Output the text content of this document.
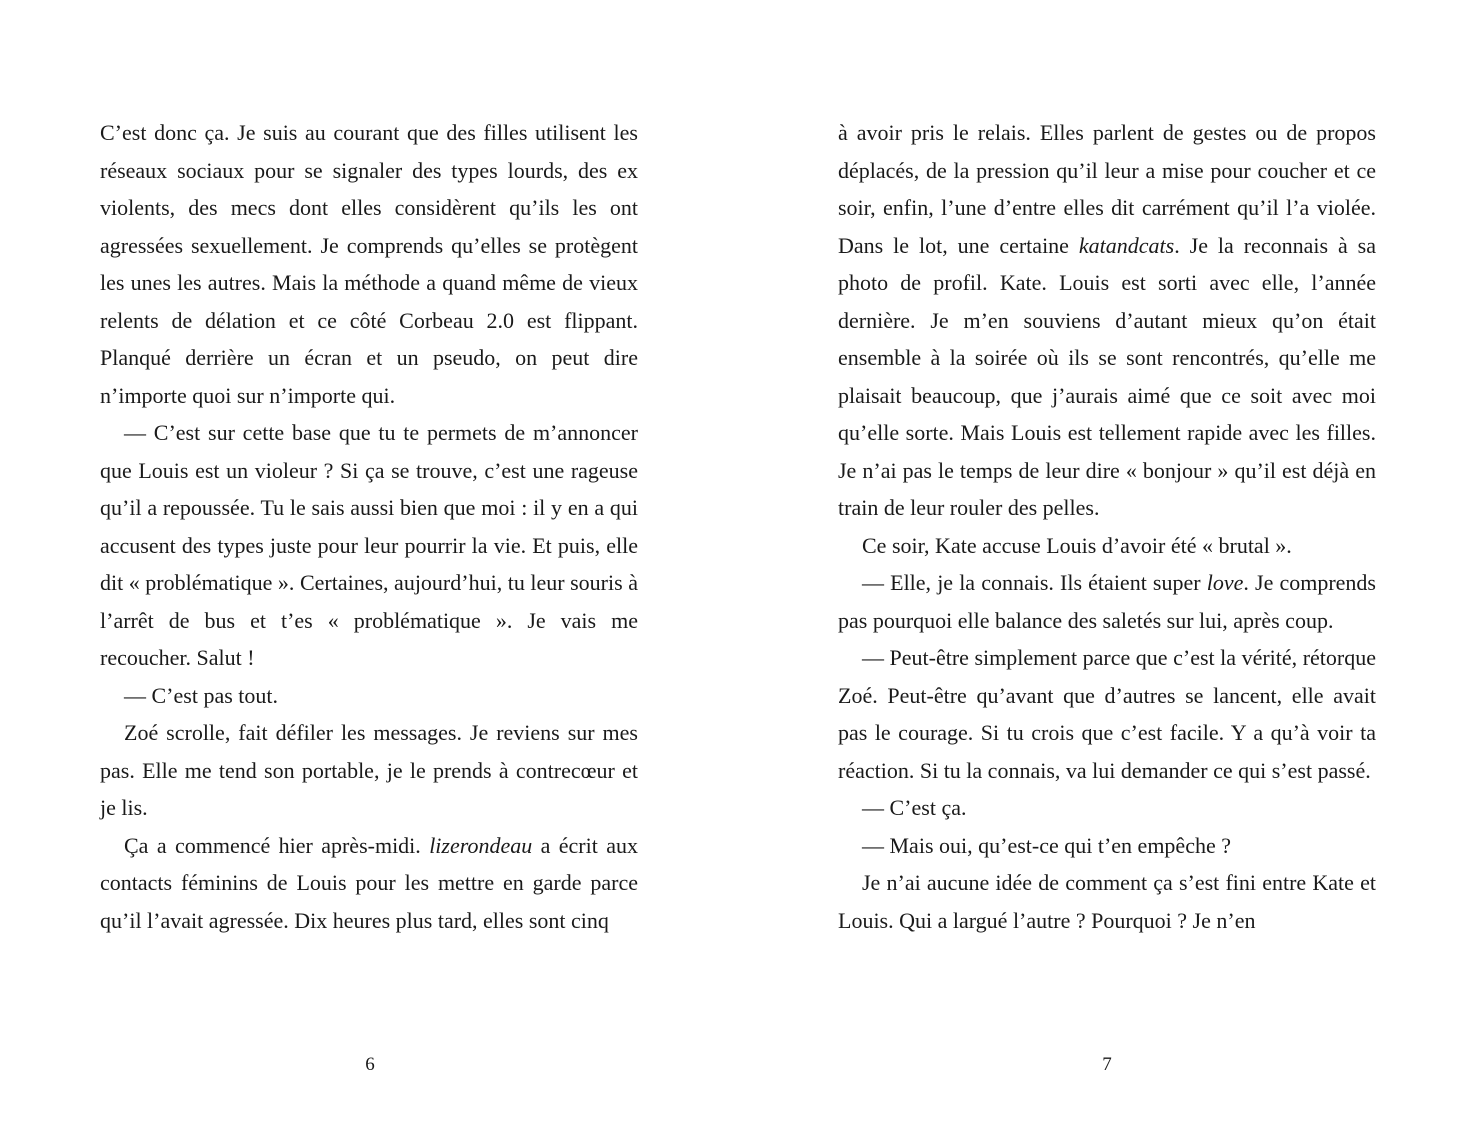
C’est donc ça. Je suis au courant que des filles utilisent les réseaux sociaux pour se signaler des types lourds, des ex violents, des mecs dont elles considèrent qu’ils les ont agressées sexuellement. Je comprends qu’elles se protègent les unes les autres. Mais la méthode a quand même de vieux relents de délation et ce côté Corbeau 2.0 est flippant. Planqué derrière un écran et un pseudo, on peut dire n’importe quoi sur n’importe qui.

— C’est sur cette base que tu te permets de m’annoncer que Louis est un violeur ? Si ça se trouve, c’est une rageuse qu’il a repoussée. Tu le sais aussi bien que moi : il y en a qui accusent des types juste pour leur pourrir la vie. Et puis, elle dit « problématique ». Certaines, aujourd’hui, tu leur souris à l’arrêt de bus et t’es « problématique ». Je vais me recoucher. Salut !

— C’est pas tout.

Zoé scrolle, fait défiler les messages. Je reviens sur mes pas. Elle me tend son portable, je le prends à contrecœur et je lis.

Ça a commencé hier après-midi. lizerondeau a écrit aux contacts féminins de Louis pour les mettre en garde parce qu’il l’avait agressée. Dix heures plus tard, elles sont cinq

6

à avoir pris le relais. Elles parlent de gestes ou de propos déplacés, de la pression qu’il leur a mise pour coucher et ce soir, enfin, l’une d’entre elles dit carrément qu’il l’a violée. Dans le lot, une certaine katandcats. Je la reconnais à sa photo de profil. Kate. Louis est sorti avec elle, l’année dernière. Je m’en souviens d’autant mieux qu’on était ensemble à la soirée où ils se sont rencontrés, qu’elle me plaisait beaucoup, que j’aurais aimé que ce soit avec moi qu’elle sorte. Mais Louis est tellement rapide avec les filles. Je n’ai pas le temps de leur dire « bonjour » qu’il est déjà en train de leur rouler des pelles.

Ce soir, Kate accuse Louis d’avoir été « brutal ».

— Elle, je la connais. Ils étaient super love. Je comprends pas pourquoi elle balance des saletés sur lui, après coup.

— Peut-être simplement parce que c’est la vérité, rétorque Zoé. Peut-être qu’avant que d’autres se lancent, elle avait pas le courage. Si tu crois que c’est facile. Y a qu’à voir ta réaction. Si tu la connais, va lui demander ce qui s’est passé.

— C’est ça.

— Mais oui, qu’est-ce qui t’en empêche ?

Je n’ai aucune idée de comment ça s’est fini entre Kate et Louis. Qui a largué l’autre ? Pourquoi ? Je n’en

7
